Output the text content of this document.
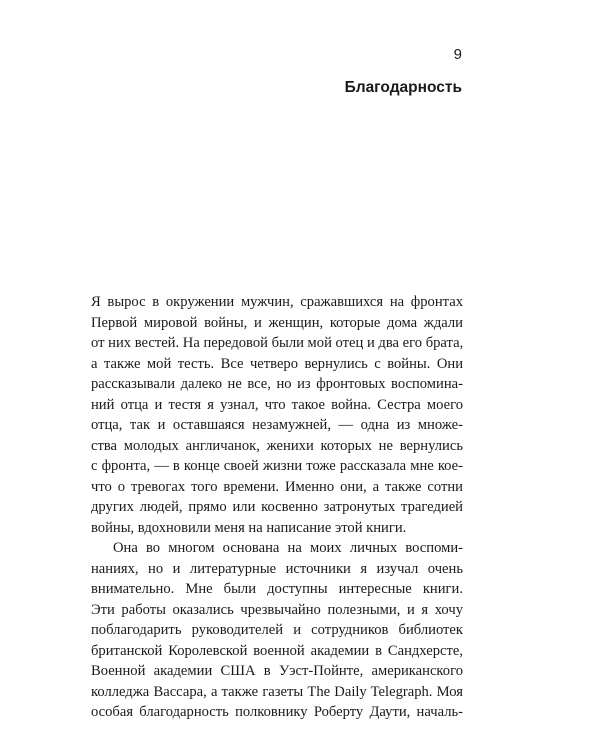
9
Благодарность
Я вырос в окружении мужчин, сражавшихся на фронтах
Первой мировой войны, и женщин, которые дома ждали
от них вестей. На передовой были мой отец и два его брата,
а также мой тесть. Все четверо вернулись с войны. Они
рассказывали далеко не все, но из фронтовых воспомина-
ний отца и тестя я узнал, что такое война. Сестра моего
отца, так и оставшаяся незамужней, — одна из множе-
ства молодых англичанок, женихи которых не вернулись
с фронта, — в конце своей жизни тоже рассказала мне кое-
что о тревогах того времени. Именно они, а также сотни
других людей, прямо или косвенно затронутых трагедией
войны, вдохновили меня на написание этой книги.
Она во многом основана на моих личных воспоми-
наниях, но и литературные источники я изучал очень
внимательно. Мне были доступны интересные книги.
Эти работы оказались чрезвычайно полезными, и я хочу
поблагодарить руководителей и сотрудников библиотек
британской Королевской военной академии в Сандхерсте,
Военной академии США в Уэст-Пойнте, американского
колледжа Вассара, а также газеты The Daily Telegraph. Моя
особая благодарность полковнику Роберту Даути, началь-
